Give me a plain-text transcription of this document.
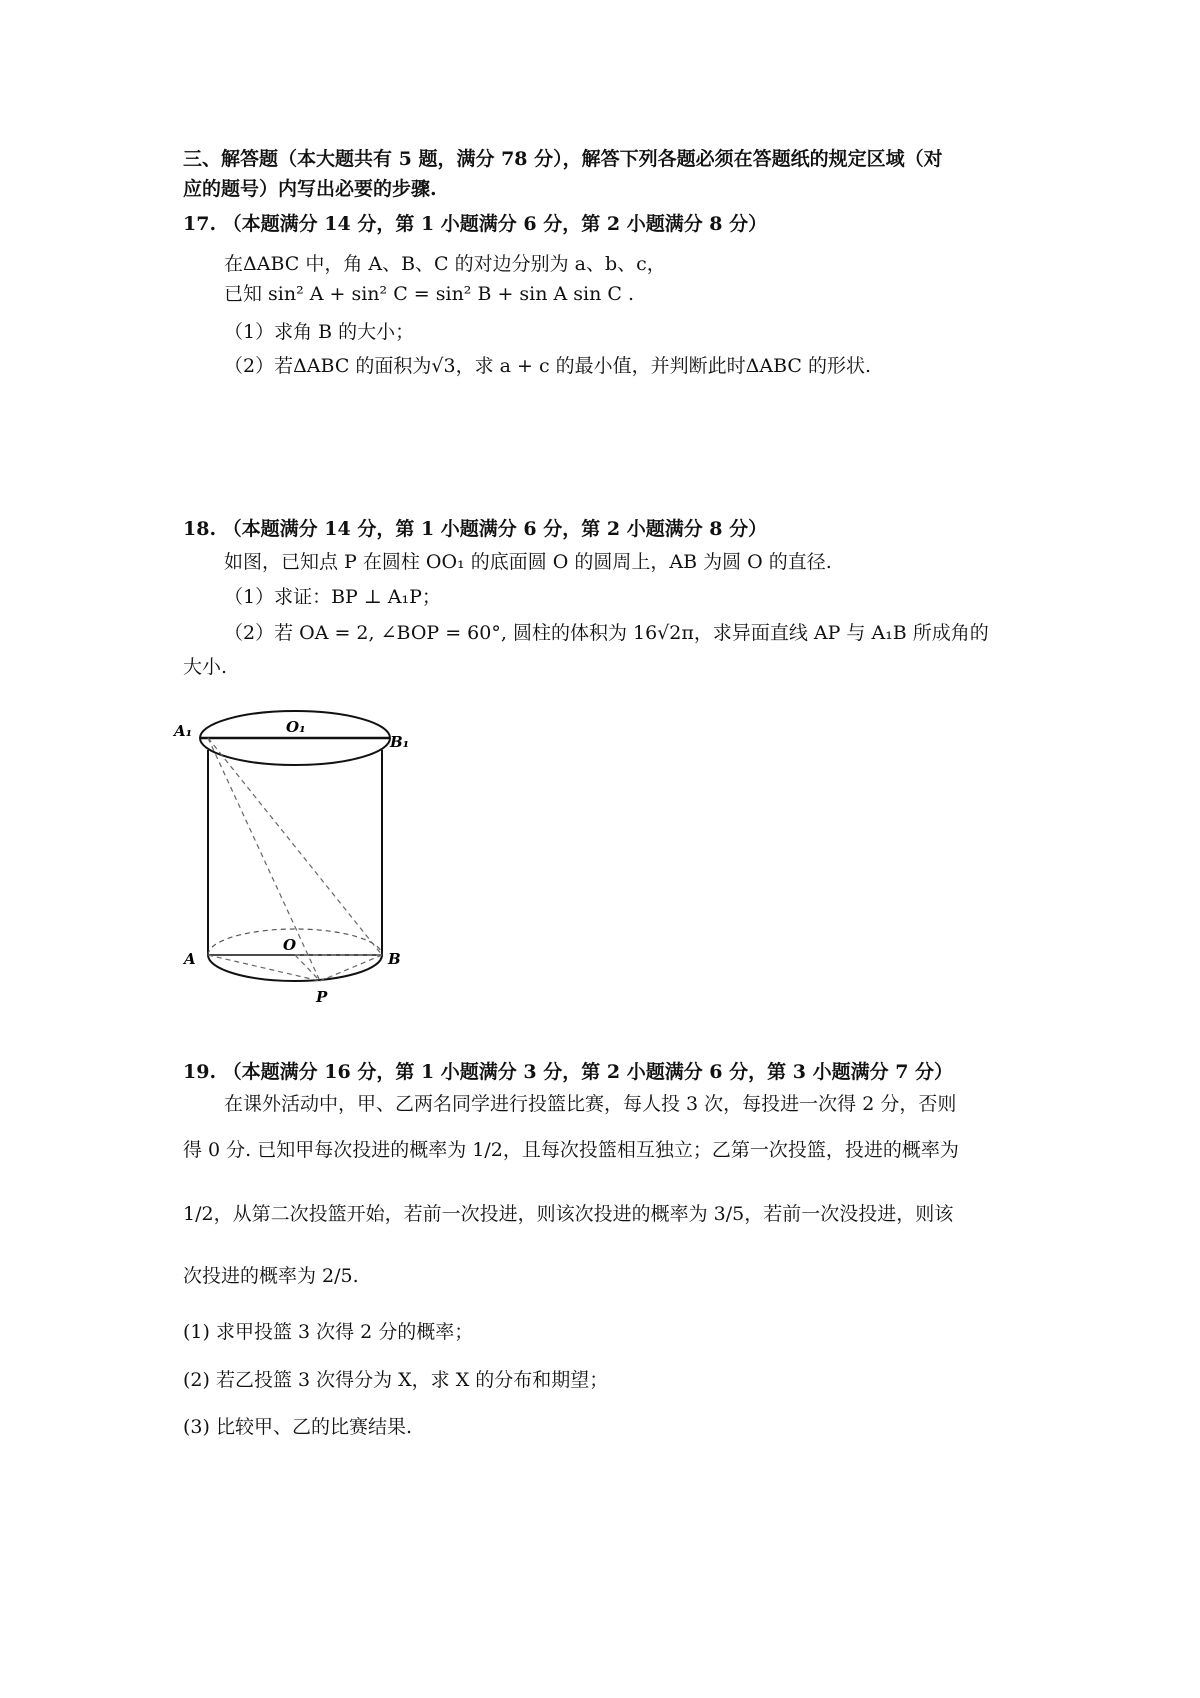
三、解答题（本大题共有 5 题，满分 78 分），解答下列各题必须在答题纸的规定区域（对
应的题号）内写出必要的步骤.
17. （本题满分 14 分，第 1 小题满分 6 分，第 2 小题满分 8 分）
在ΔABC 中，角 A、B、C 的对边分别为 a、b、c，
已知 sin² A + sin² C = sin² B + sin A sin C .
（1）求角 B 的大小；
（2）若ΔABC 的面积为√3，求 a + c 的最小值，并判断此时ΔABC 的形状.
18. （本题满分 14 分，第 1 小题满分 6 分，第 2 小题满分 8 分）
如图，已知点 P 在圆柱 OO₁ 的底面圆 O 的圆周上，AB 为圆 O 的直径.
（1）求证：BP ⊥ A₁P；
（2）若 OA = 2, ∠BOP = 60°, 圆柱的体积为 16√2π，求异面直线 AP 与 A₁B 所成角的
大小.
A₁	O₁
B₁
A
O
B
P
19. （本题满分 16 分，第 1 小题满分 3 分，第 2 小题满分 6 分，第 3 小题满分 7 分）
在课外活动中，甲、乙两名同学进行投篮比赛，每人投 3 次，每投进一次得 2 分，否则
得 0 分. 已知甲每次投进的概率为 1/2，且每次投篮相互独立；乙第一次投篮，投进的概率为
1/2，从第二次投篮开始，若前一次投进，则该次投进的概率为 3/5，若前一次没投进，则该
次投进的概率为 2/5.
(1) 求甲投篮 3 次得 2 分的概率；
(2) 若乙投篮 3 次得分为 X，求 X 的分布和期望；
(3) 比较甲、乙的比赛结果.
